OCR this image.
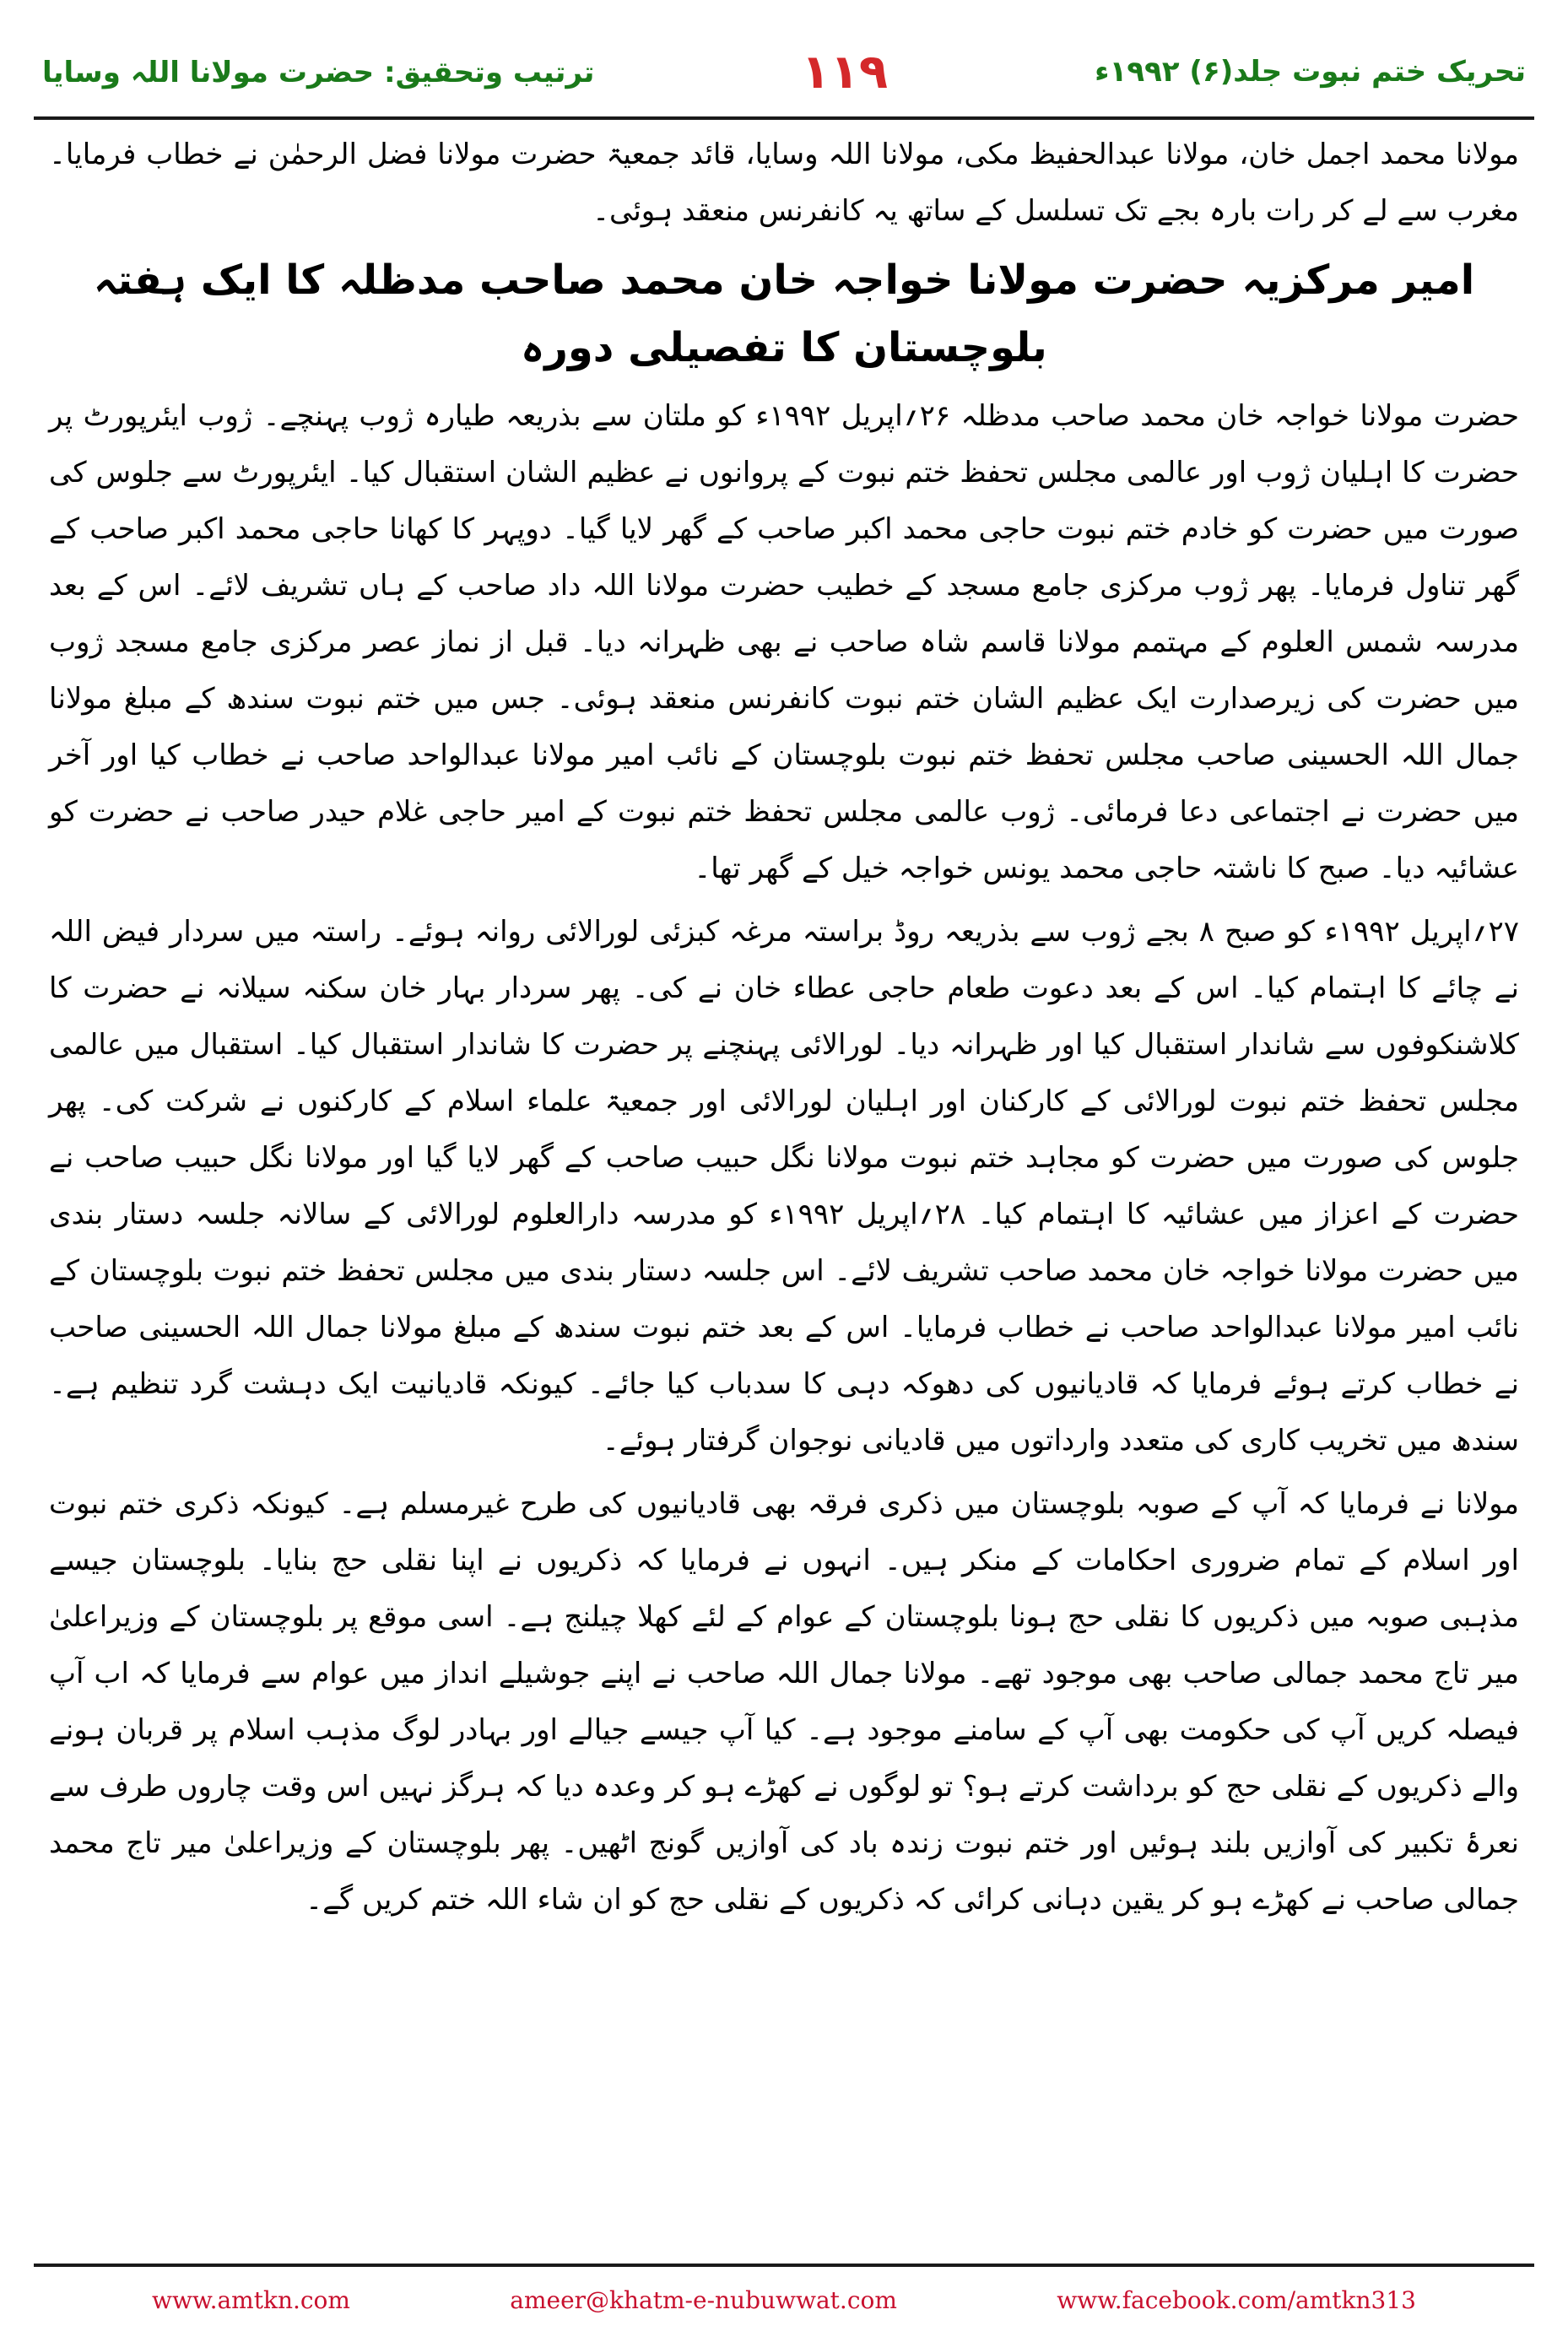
ترتیب وتحقیق: حضرت مولانا اللہ وسایا	۱۱۹	تحریک ختم نبوت جلد(۶) ۱۹۹۲ء

مولانا محمد اجمل خان، مولانا عبدالحفیظ مکی، مولانا اللہ وسایا، قائد جمعیۃ حضرت مولانا فضل الرحمٰن نے خطاب فرمایا۔ مغرب سے لے کر رات بارہ بجے تک تسلسل کے ساتھ یہ کانفرنس منعقد ہوئی۔

امیر مرکزیہ حضرت مولانا خواجہ خان محمد صاحب مدظلہ کا ایک ہفتہ بلوچستان کا تفصیلی دورہ

حضرت مولانا خواجہ خان محمد صاحب مدظلہ ۲۶؍اپریل ۱۹۹۲ء کو ملتان سے بذریعہ طیارہ ژوب پہنچے۔ ژوب ایئرپورٹ پر حضرت کا اہلیان ژوب اور عالمی مجلس تحفظ ختم نبوت کے پروانوں نے عظیم الشان استقبال کیا۔ ایئرپورٹ سے جلوس کی صورت میں حضرت کو خادم ختم نبوت حاجی محمد اکبر صاحب کے گھر لایا گیا۔ دوپہر کا کھانا حاجی محمد اکبر صاحب کے گھر تناول فرمایا۔ پھر ژوب مرکزی جامع مسجد کے خطیب حضرت مولانا اللہ داد صاحب کے ہاں تشریف لائے۔ اس کے بعد مدرسہ شمس العلوم کے مہتمم مولانا قاسم شاہ صاحب نے بھی ظہرانہ دیا۔ قبل از نماز عصر مرکزی جامع مسجد ژوب میں حضرت کی زیرصدارت ایک عظیم الشان ختم نبوت کانفرنس منعقد ہوئی۔ جس میں ختم نبوت سندھ کے مبلغ مولانا جمال اللہ الحسینی صاحب مجلس تحفظ ختم نبوت بلوچستان کے نائب امیر مولانا عبدالواحد صاحب نے خطاب کیا اور آخر میں حضرت نے اجتماعی دعا فرمائی۔ ژوب عالمی مجلس تحفظ ختم نبوت کے امیر حاجی غلام حیدر صاحب نے حضرت کو عشائیہ دیا۔ صبح کا ناشتہ حاجی محمد یونس خواجہ خیل کے گھر تھا۔

۲۷؍اپریل ۱۹۹۲ء کو صبح ۸ بجے ژوب سے بذریعہ روڈ براستہ مرغہ کبزئی لورالائی روانہ ہوئے۔ راستہ میں سردار فیض اللہ نے چائے کا اہتمام کیا۔ اس کے بعد دعوت طعام حاجی عطاء خان نے کی۔ پھر سردار بہار خان سکنہ سیلانہ نے حضرت کا کلاشنکوفوں سے شاندار استقبال کیا اور ظہرانہ دیا۔ لورالائی پہنچنے پر حضرت کا شاندار استقبال کیا۔ استقبال میں عالمی مجلس تحفظ ختم نبوت لورالائی کے کارکنان اور اہلیان لورالائی اور جمعیۃ علماء اسلام کے کارکنوں نے شرکت کی۔ پھر جلوس کی صورت میں حضرت کو مجاہد ختم نبوت مولانا نگل حبیب صاحب کے گھر لایا گیا اور مولانا نگل حبیب صاحب نے حضرت کے اعزاز میں عشائیہ کا اہتمام کیا۔ ۲۸؍اپریل ۱۹۹۲ء کو مدرسہ دارالعلوم لورالائی کے سالانہ جلسہ دستار بندی میں حضرت مولانا خواجہ خان محمد صاحب تشریف لائے۔ اس جلسہ دستار بندی میں مجلس تحفظ ختم نبوت بلوچستان کے نائب امیر مولانا عبدالواحد صاحب نے خطاب فرمایا۔ اس کے بعد ختم نبوت سندھ کے مبلغ مولانا جمال اللہ الحسینی صاحب نے خطاب کرتے ہوئے فرمایا کہ قادیانیوں کی دھوکہ دہی کا سدباب کیا جائے۔ کیونکہ قادیانیت ایک دہشت گرد تنظیم ہے۔ سندھ میں تخریب کاری کی متعدد وارداتوں میں قادیانی نوجوان گرفتار ہوئے۔

مولانا نے فرمایا کہ آپ کے صوبہ بلوچستان میں ذکری فرقہ بھی قادیانیوں کی طرح غیرمسلم ہے۔ کیونکہ ذکری ختم نبوت اور اسلام کے تمام ضروری احکامات کے منکر ہیں۔ انہوں نے فرمایا کہ ذکریوں نے اپنا نقلی حج بنایا۔ بلوچستان جیسے مذہبی صوبہ میں ذکریوں کا نقلی حج ہونا بلوچستان کے عوام کے لئے کھلا چیلنج ہے۔ اسی موقع پر بلوچستان کے وزیراعلیٰ میر تاج محمد جمالی صاحب بھی موجود تھے۔ مولانا جمال اللہ صاحب نے اپنے جوشیلے انداز میں عوام سے فرمایا کہ اب آپ فیصلہ کریں آپ کی حکومت بھی آپ کے سامنے موجود ہے۔ کیا آپ جیسے جیالے اور بہادر لوگ مذہب اسلام پر قربان ہونے والے ذکریوں کے نقلی حج کو برداشت کرتے ہو؟ تو لوگوں نے کھڑے ہو کر وعدہ دیا کہ ہرگز نہیں اس وقت چاروں طرف سے نعرۂ تکبیر کی آوازیں بلند ہوئیں اور ختم نبوت زندہ باد کی آوازیں گونج اٹھیں۔ پھر بلوچستان کے وزیراعلیٰ میر تاج محمد جمالی صاحب نے کھڑے ہو کر یقین دہانی کرائی کہ ذکریوں کے نقلی حج کو ان شاء اللہ ختم کریں گے۔

www.amtkn.com	ameer@khatm-e-nubuwwat.com	www.facebook.com/amtkn313
